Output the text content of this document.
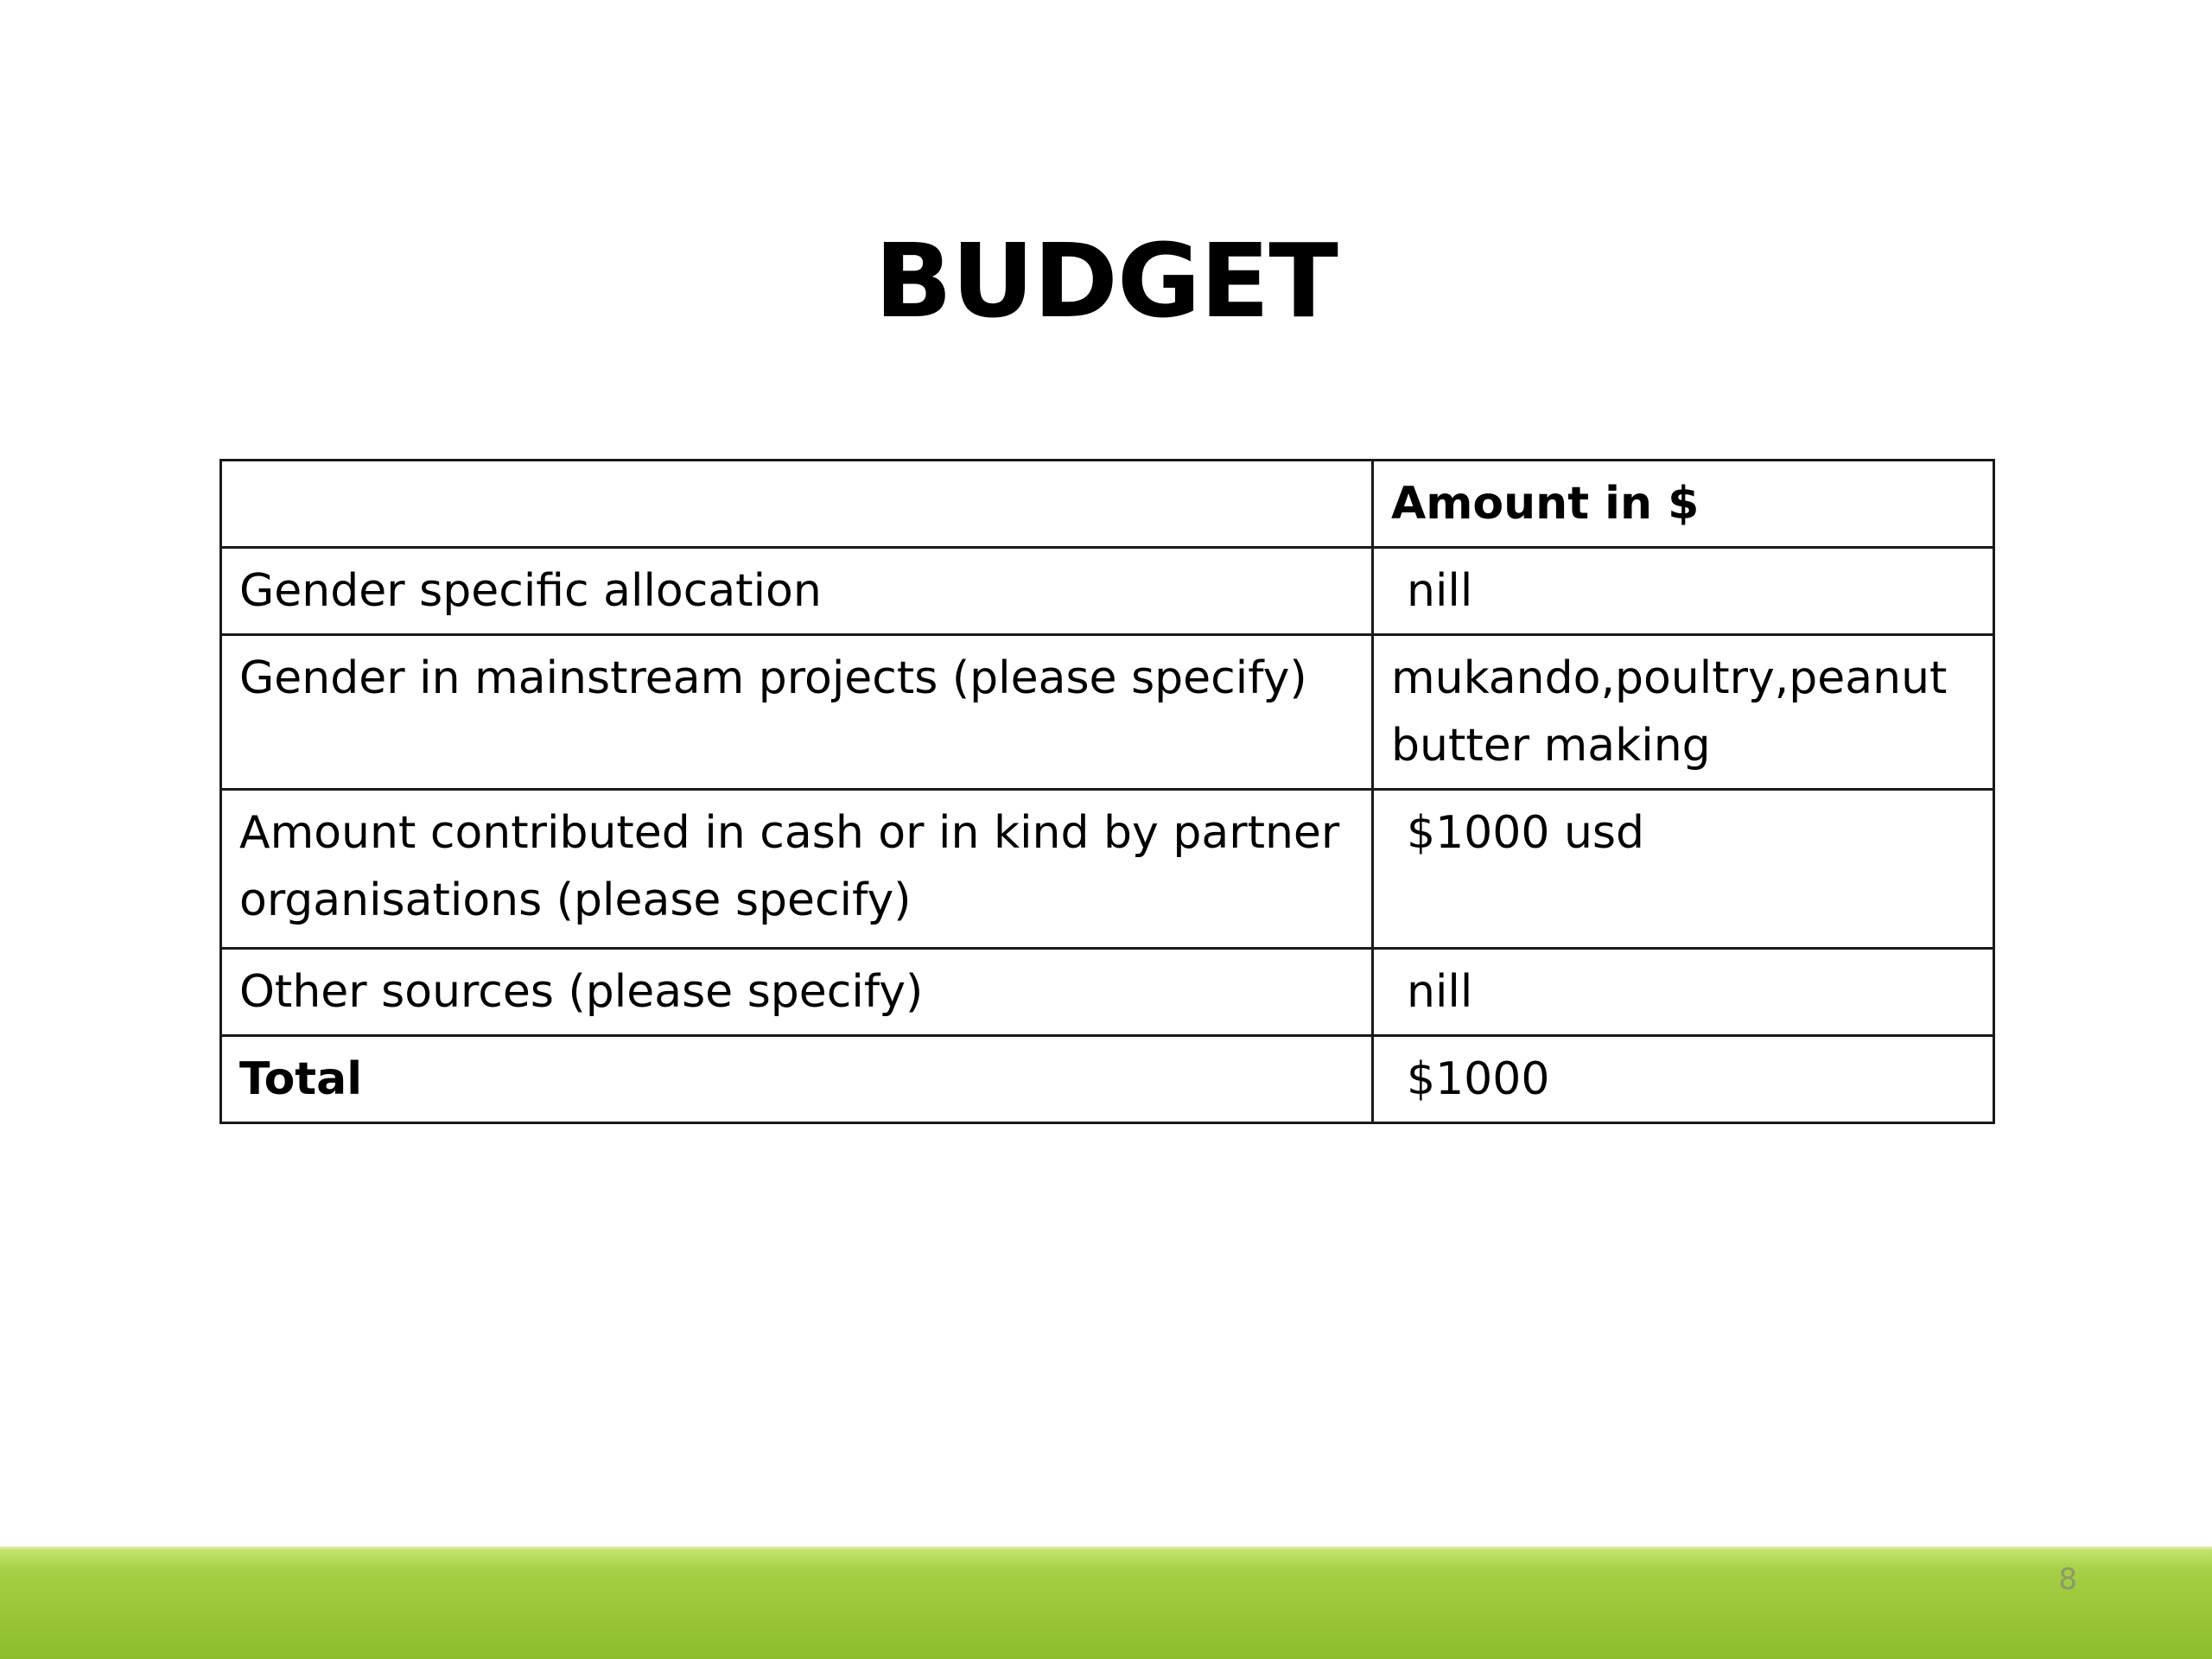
BUDGET
	Amount in $
Gender specific allocation	nill
Gender in mainstream projects (please specify)	mukando,poultry,peanut butter making
Amount contributed in cash or in kind by partner organisations (please specify)	$1000 usd
Other sources (please specify)	nill
Total	$1000
8
